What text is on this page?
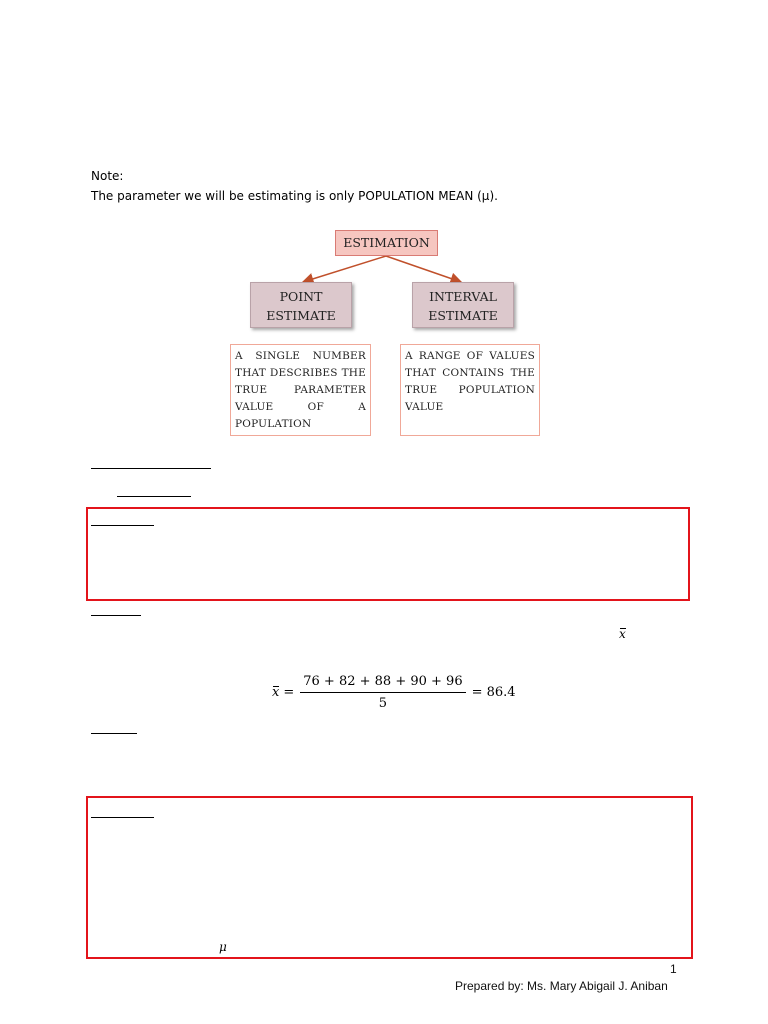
Note:
The parameter we will be estimating is only POPULATION MEAN (μ).
ESTIMATION
POINT
ESTIMATE
INTERVAL
ESTIMATE
A SINGLE NUMBER THAT DESCRIBES THE TRUE PARAMETER VALUE OF A POPULATION
A RANGE OF VALUES THAT CONTAINS THE TRUE POPULATION VALUE
x
$x = \frac{76 + 82 + 88 + 90 + 96}{5} = 86.4$
μ
1
Prepared by: Ms. Mary Abigail J. Aniban
